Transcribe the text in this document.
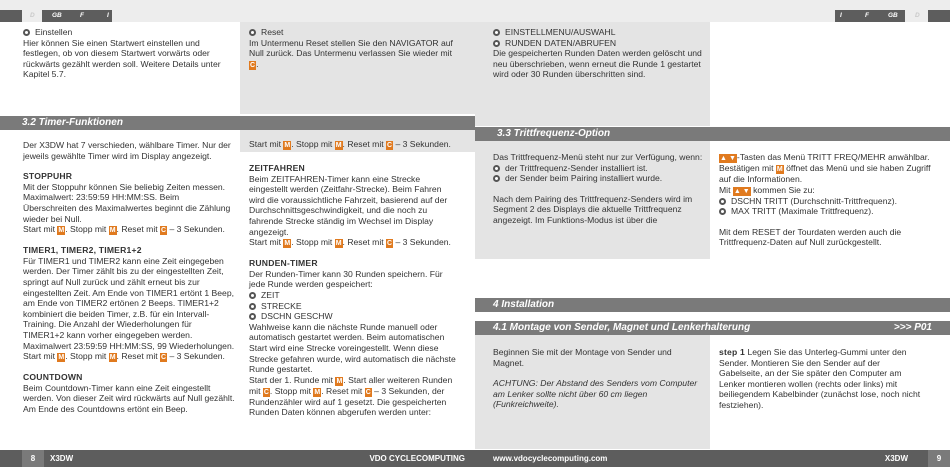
D	GB	F	I
Einstellen

Hier können Sie einen Startwert einstellen und festlegen, ob von diesem Startwert vorwärts oder rückwärts gezählt werden soll. Weitere Details unter Kapitel 5.7.

Reset

Im Untermenu Reset stellen Sie den NAVIGATOR auf Null zurück. Das Untermenu verlassen Sie wieder mit C.

3.2 Timer-Funktionen
Start mit M. Stopp mit M. Reset mit C – 3 Sekunden.

Der X3DW hat 7 verschieden, wählbare Timer. Nur der jeweils gewählte Timer wird im Display angezeigt.

STOPPUHR

Mit der Stoppuhr können Sie beliebig Zeiten messen. Maximalwert: 23:59:59 HH:MM:SS. Beim Überschreiten des Maximalwertes beginnt die Zählung wieder bei Null.

Start mit M. Stopp mit M. Reset mit C – 3 Sekunden.

TIMER1, TIMER2, TIMER1+2

Für TIMER1 und TIMER2 kann eine Zeit eingegeben werden. Der Timer zählt bis zu der eingestellten Zeit, springt auf Null zurück und zählt erneut bis zur eingestellten Zeit. Am Ende von TIMER1 ertönt 1 Beep, am Ende von TIMER2 ertönen 2 Beeps. TIMER1+2 kombiniert die beiden Timer, z.B. für ein Intervall-Training. Die Anzahl der Wiederholungen für TIMER1+2 kann vorher eingegeben werden. Maximalwert 23:59:59 HH:MM:SS, 99 Wiederholungen.

Start mit M. Stopp mit M. Reset mit C – 3 Sekunden.

COUNTDOWN

Beim Countdown-Timer kann eine Zeit eingestellt werden. Von dieser Zeit wird rückwärts auf Null gezählt. Am Ende des Countdowns ertönt ein Beep.

ZEITFAHREN

Beim ZEITFAHREN-Timer kann eine Strecke eingestellt werden (Zeitfahr-Strecke). Beim Fahren wird die voraussichtliche Fahrzeit, basierend auf der Durchschnittsgeschwindigkeit, und die noch zu fahrende Strecke ständig im Wechsel im Display angezeigt.

Start mit M. Stopp mit M. Reset mit C – 3 Sekunden.

RUNDEN-TIMER

Der Runden-Timer kann 30 Runden speichern. Für jede Runde werden gespeichert:

ZEIT
STRECKE
DSCHN GESCHW

Wahlweise kann die nächste Runde manuell oder automatisch gestartet werden. Beim automatischen Start wird eine Strecke voreingestellt. Wenn diese Strecke gefahren wurde, wird automatisch die nächste Runde gestartet.

Start der 1. Runde mit M. Start aller weiteren Runden mit C. Stopp mit M. Reset mit C – 3 Sekunden, der Rundenzähler wird auf 1 gesetzt. Die gespeicherten Runden Daten können abgerufen werden unter:

8	X3DW	VDO CYCLECOMPUTING
I	F	GB	D
EINSTELLMENU/AUSWAHL
RUNDEN DATEN/ABRUFEN

Die gespeicherten Runden Daten werden gelöscht und neu überschrieben, wenn erneut die Runde 1 gestartet wird oder 30 Runden überschritten sind.

3.3 Trittfrequenz-Option

Das Trittfrequenz-Menü steht nur zur Verfügung, wenn:

der Trittfrequenz-Sender installiert ist.
der Sender beim Pairing installiert wurde.

Nach dem Pairing des Trittfrequenz-Senders wird im Segment 2 des Displays die aktuelle Trittfrequenz angezeigt. Im Funktions-Modus ist über die

▲ ▼-Tasten das Menü TRITT FREQ/MEHR anwählbar. Bestätigen mit M öffnet das Menü und sie haben Zugriff auf die Informationen.

Mit ▲ ▼ kommen Sie zu:

DSCHN TRITT (Durchschnitt-Trittfrequenz).
MAX TRITT (Maximale Trittfrequenz).

Mit dem RESET der Tourdaten werden auch die Trittfrequenz-Daten auf Null zurückgestellt.

4 Installation
4.1 Montage von Sender, Magnet und Lenkerhalterung	>>> P01

Beginnen Sie mit der Montage von Sender und Magnet.

ACHTUNG: Der Abstand des Senders vom Computer am Lenker sollte nicht über 60 cm liegen (Funkreichweite).

step 1 Legen Sie das Unterleg-Gummi unter den Sender. Montieren Sie den Sender auf der Gabelseite, an der Sie später den Computer am Lenker montieren wollen (rechts oder links) mit beiliegendem Kabelbinder (zunächst lose, noch nicht festziehen).

www.vdocyclecomputing.com	X3DW	9
